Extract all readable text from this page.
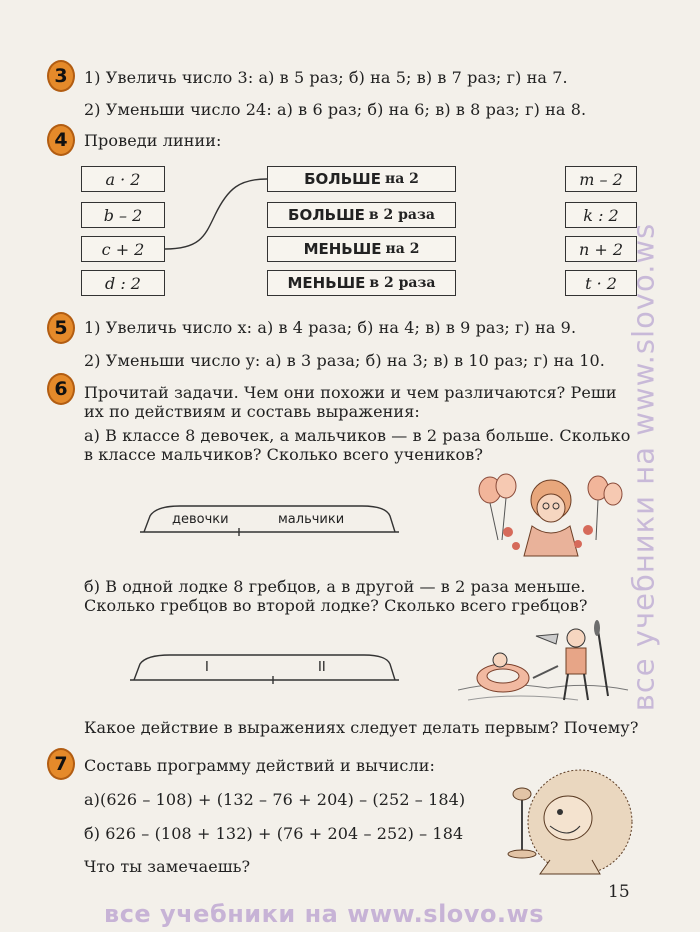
3 1) Увеличь число 3: а) в 5 раз; б) на 5; в) в 7 раз; г) на 7.
2) Уменьши число 24: а) в 6 раз; б) на 6; в) в 8 раз; г) на 8.
4 Проведи линии:
a · 2
b – 2
c + 2
d : 2
БОЛЬШЕ на 2
БОЛЬШЕ в 2 раза
МЕНЬШЕ на 2
МЕНЬШЕ в 2 раза
m – 2
k : 2
n + 2
t · 2
5 1) Увеличь число x: а) в 4 раза; б) на 4; в) в 9 раз; г) на 9.
2) Уменьши число y: а) в 3 раза; б) на 3; в) в 10 раз; г) на 10.
6 Прочитай задачи. Чем они похожи и чем различаются? Реши
их по действиям и составь выражения:
а) В классе 8 девочек, а мальчиков — в 2 раза больше. Сколько
в классе мальчиков? Сколько всего учеников?
девочки	мальчики
б) В одной лодке 8 гребцов, а в другой — в 2 раза меньше.
Сколько гребцов во второй лодке? Сколько всего гребцов?
I	II
Какое действие в выражениях следует делать первым? Почему?
7 Составь программу действий и вычисли:
а)(626 – 108) + (132 – 76 + 204) – (252 – 184)
б) 626 – (108 + 132) + (76 + 204 – 252) – 184
Что ты замечаешь?
15
все учебники на www.slovo.ws
все учебники на www.slovo.ws
